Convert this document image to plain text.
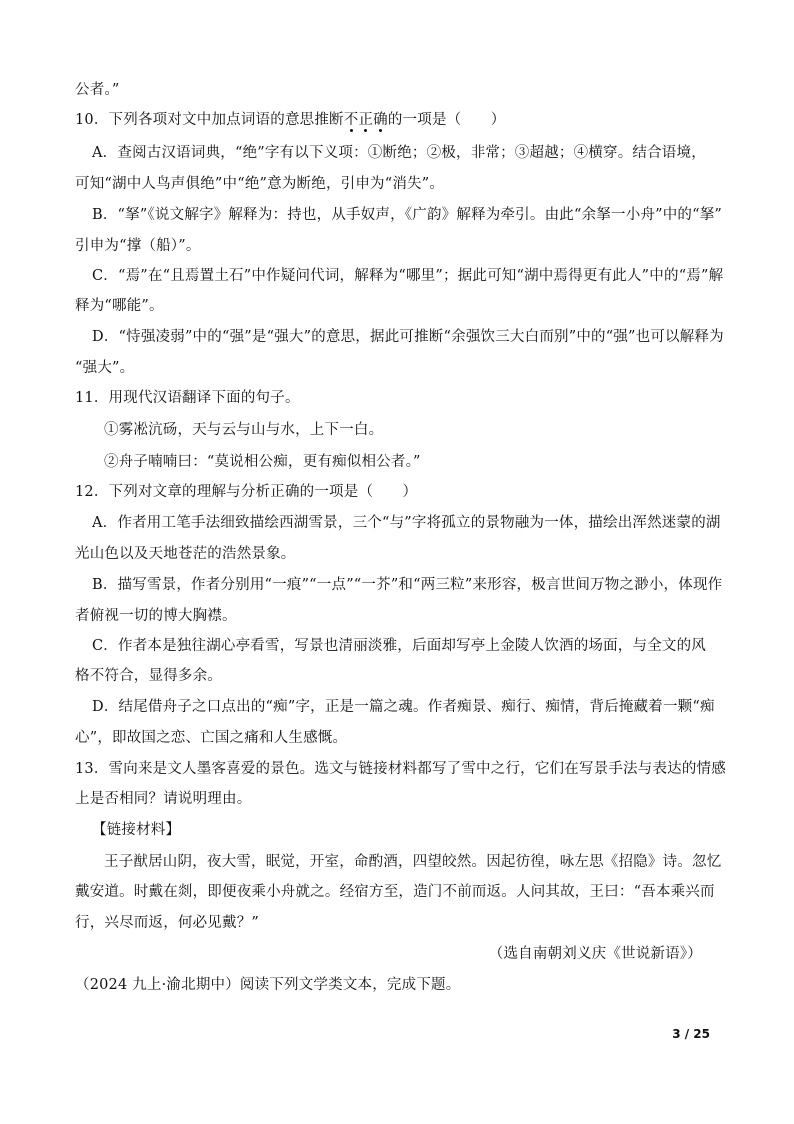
公者。”
10．下列各项对文中加点词语的意思推断不正确的一项是（　　）
A．查阅古汉语词典，“绝”字有以下义项：①断绝；②极，非常；③超越；④横穿。结合语境，
可知“湖中人鸟声俱绝”中“绝”意为断绝，引申为“消失”。
B．“拏”《说文解字》解释为：持也，从手奴声，《广韵》解释为牵引。由此“余拏一小舟”中的“拏”
引申为“撑（船）”。
C．“焉”在“且焉置土石”中作疑问代词，解释为“哪里”；据此可知“湖中焉得更有此人”中的“焉”解
释为“哪能”。
D．“恃强凌弱”中的“强”是“强大”的意思，据此可推断“余强饮三大白而别”中的“强”也可以解释为
“强大”。
11．用现代汉语翻译下面的句子。
①雾凇沆砀，天与云与山与水，上下一白。
②舟子喃喃曰：“莫说相公痴，更有痴似相公者。”
12．下列对文章的理解与分析正确的一项是（　　）
A．作者用工笔手法细致描绘西湖雪景，三个“与”字将孤立的景物融为一体，描绘出浑然迷蒙的湖
光山色以及天地苍茫的浩然景象。
B．描写雪景，作者分别用“一痕”“一点”“一芥”和“两三粒”来形容，极言世间万物之渺小，体现作
者俯视一切的博大胸襟。
C．作者本是独往湖心亭看雪，写景也清丽淡雅，后面却写亭上金陵人饮酒的场面，与全文的风
格不符合，显得多余。
D．结尾借舟子之口点出的“痴”字，正是一篇之魂。作者痴景、痴行、痴情，背后掩藏着一颗“痴
心”，即故国之恋、亡国之痛和人生感慨。
13．雪向来是文人墨客喜爱的景色。选文与链接材料都写了雪中之行，它们在写景手法与表达的情感
上是否相同？请说明理由。
【链接材料】
王子猷居山阴，夜大雪，眠觉，开室，命酌酒，四望皎然。因起彷徨，咏左思《招隐》诗。忽忆
戴安道。时戴在剡，即便夜乘小舟就之。经宿方至，造门不前而返。人问其故，王曰：“吾本乘兴而
行，兴尽而返，何必见戴？”
（选自南朝刘义庆《世说新语》）
（2024 九上·渝北期中）阅读下列文学类文本，完成下题。
3 / 25
